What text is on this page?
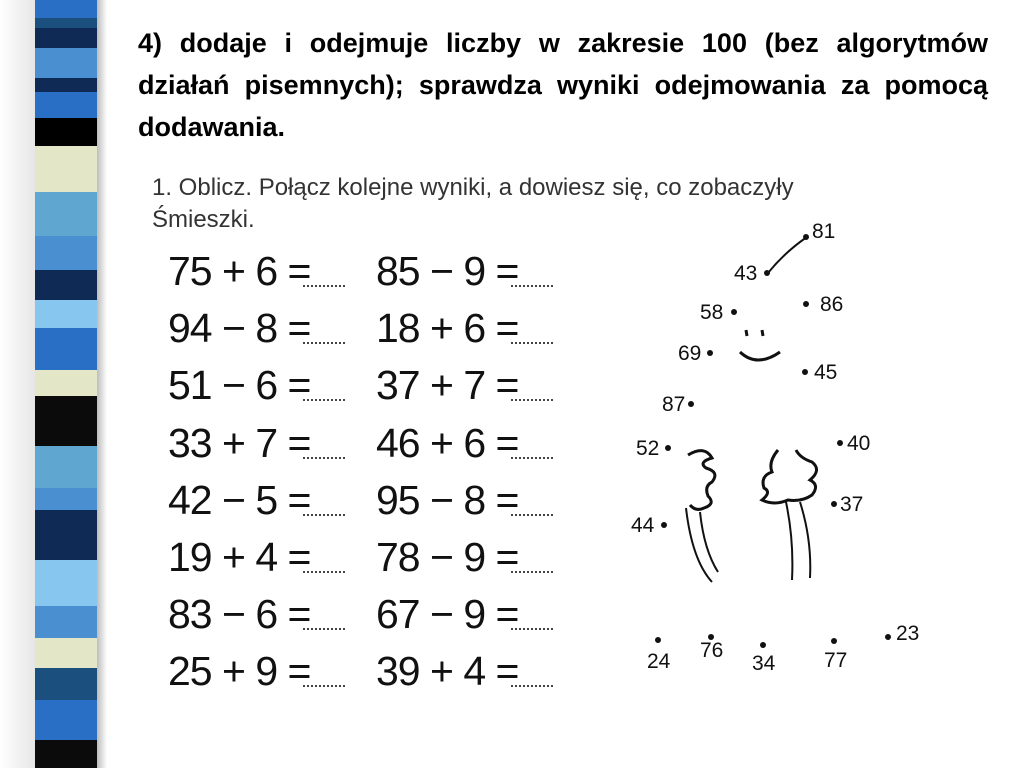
4) dodaje i odejmuje liczby w zakresie 100 (bez algorytmów działań pisemnych); sprawdza wyniki odejmowania za pomocą dodawania.
1. Oblicz. Połącz kolejne wyniki, a dowiesz się, co zobaczyły Śmieszki.
75 + 6 =
94 − 8 =
51 − 6 =
33 + 7 =
42 − 5 =
19 + 4 =
83 − 6 =
25 + 9 =
85 − 9 =
18 + 6 =
37 + 7 =
46 + 6 =
95 − 8 =
78 − 9 =
67 − 9 =
39 + 4 =
81
43
58	86
69
45
87
52	40
44
37
24 76
34 77
23
